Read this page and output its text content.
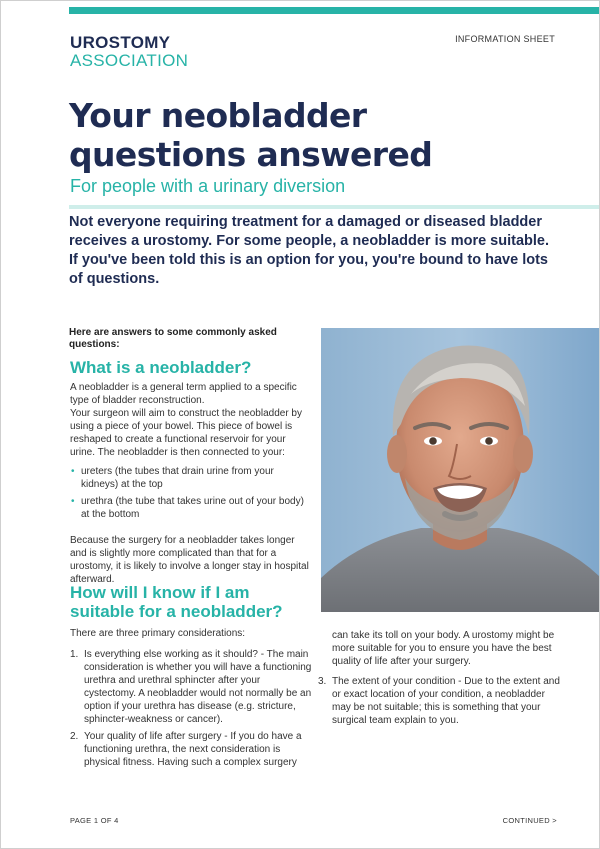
UROSTOMY
ASSOCIATION
INFORMATION SHEET
Your neobladder
questions answered
For people with a urinary diversion

Not everyone requiring treatment for a damaged or diseased bladder receives a urostomy. For some people, a neobladder is more suitable. If you've been told this is an option for you, you're bound to have lots of questions.

Here are answers to some commonly asked questions:

What is a neobladder?

A neobladder is a general term applied to a specific type of bladder reconstruction.

Your surgeon will aim to construct the neobladder by using a piece of your bowel. This piece of bowel is reshaped to create a functional reservoir for your urine. The neobladder is then connected to your:

• ureters (the tubes that drain urine from your kidneys) at the top
• urethra (the tube that takes urine out of your body) at the bottom

Because the surgery for a neobladder takes longer and is slightly more complicated than that for a urostomy, it is likely to involve a longer stay in hospital afterward.

How will I know if I am
suitable for a neobladder?

There are three primary considerations:

1. Is everything else working as it should? - The main consideration is whether you will have a functioning urethra and urethral sphincter after your cystectomy. A neobladder would not normally be an option if your urethra has disease (e.g. stricture, sphincter-weakness or cancer).
2. Your quality of life after surgery - If you do have a functioning urethra, the next consideration is physical fitness. Having such a complex surgery

can take its toll on your body. A urostomy might be more suitable for you to ensure you have the best quality of life after your surgery.

3. The extent of your condition - Due to the extent and or exact location of your condition, a neobladder may be not suitable; this is something that your surgical team explain to you.
PAGE 1 OF 4	CONTINUED >
